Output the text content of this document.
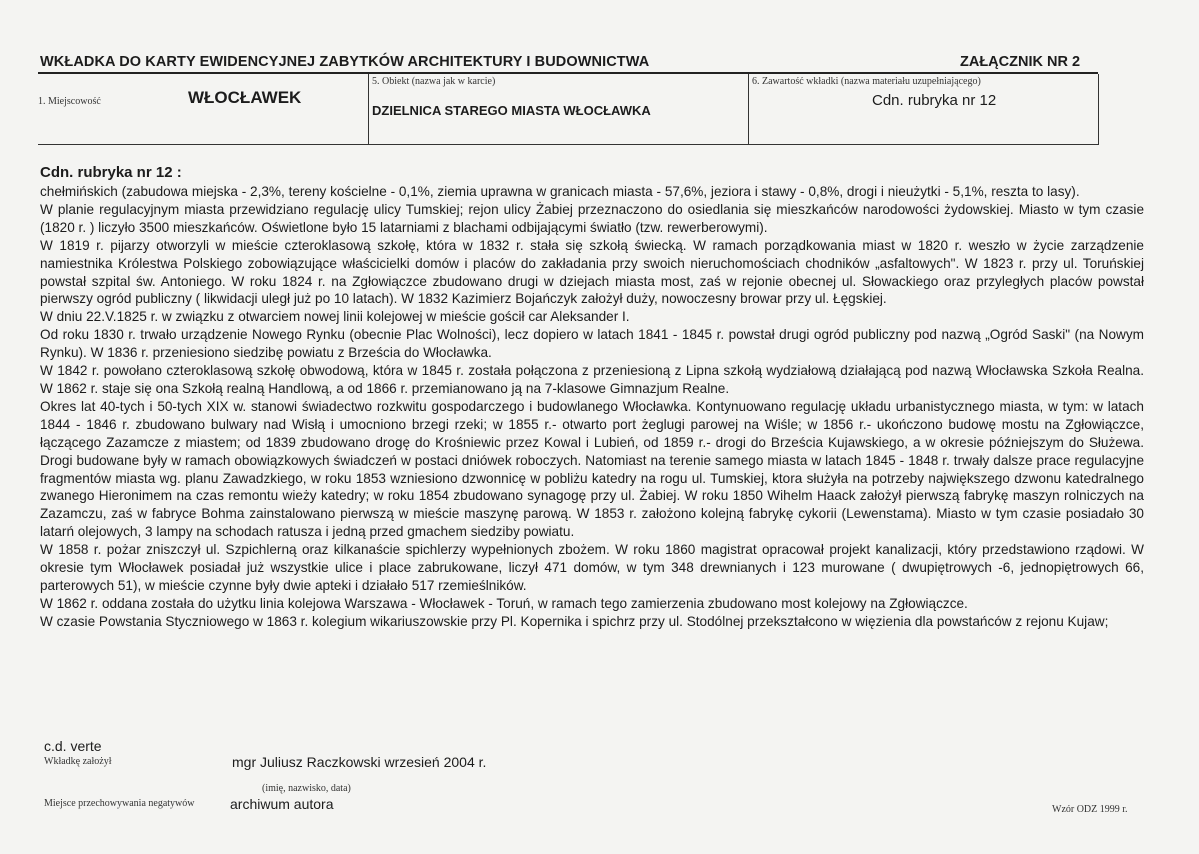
WKŁADKA DO KARTY EWIDENCYJNEJ ZABYTKÓW ARCHITEKTURY I BUDOWNICTWA	ZAŁĄCZNIK NR 2
1. Miejscowość	WŁOCŁAWEK
5. Obiekt (nazwa jak w karcie)
DZIELNICA STAREGO MIASTA WŁOCŁAWKA
6. Zawartość wkładki (nazwa materiału uzupełniającego)
Cdn. rubryka nr 12
Cdn. rubryka nr 12 :

chełmińskich (zabudowa miejska - 2,3%, tereny kościelne - 0,1%, ziemia uprawna w granicach miasta - 57,6%, jeziora i stawy - 0,8%, drogi i nieużytki - 5,1%, reszta to lasy).

W planie regulacyjnym miasta przewidziano regulację ulicy Tumskiej; rejon ulicy Żabiej przeznaczono do osiedlania się mieszkańców narodowości żydowskiej. Miasto w tym czasie (1820 r. ) liczyło 3500 mieszkańców. Oświetlone było 15 latarniami z blachami odbijającymi światło (tzw. rewerberowymi).

W 1819 r. pijarzy otworzyli w mieście czteroklasową szkołę, która w 1832 r. stała się szkołą świecką. W ramach porządkowania miast w 1820 r. weszło w życie zarządzenie namiestnika Królestwa Polskiego zobowiązujące właścicielki domów i placów do zakładania przy swoich nieruchomościach chodników „asfaltowych". W 1823 r. przy ul. Toruńskiej powstał szpital św. Antoniego. W roku 1824 r. na Zgłowiączce zbudowano drugi w dziejach miasta most, zaś w rejonie obecnej ul. Słowackiego oraz przyległych placów powstał pierwszy ogród publiczny ( likwidacji uległ już po 10 latach). W 1832 Kazimierz Bojańczyk założył duży, nowoczesny browar przy ul. Łęgskiej.

W dniu 22.V.1825 r. w związku z otwarciem nowej linii kolejowej w mieście gościł car Aleksander I.

Od roku 1830 r. trwało urządzenie Nowego Rynku (obecnie Plac Wolności), lecz dopiero w latach 1841 - 1845 r. powstał drugi ogród publiczny pod nazwą „Ogród Saski" (na Nowym Rynku). W 1836 r. przeniesiono siedzibę powiatu z Brześcia do Włocławka.

W 1842 r. powołano czteroklasową szkołę obwodową, która w 1845 r. została połączona z przeniesioną z Lipna szkołą wydziałową działającą pod nazwą Włocławska Szkoła Realna. W 1862 r. staje się ona Szkołą realną Handlową, a od 1866 r. przemianowano ją na 7-klasowe Gimnazjum Realne.

Okres lat 40-tych i 50-tych XIX w. stanowi świadectwo rozkwitu gospodarczego i budowlanego Włocławka. Kontynuowano regulację układu urbanistycznego miasta, w tym: w latach 1844 - 1846 r. zbudowano bulwary nad Wisłą i umocniono brzegi rzeki; w 1855 r.- otwarto port żeglugi parowej na Wiśle; w 1856 r.- ukończono budowę mostu na Zgłowiączce, łączącego Zazamcze z miastem; od 1839 zbudowano drogę do Krośniewic przez Kowal i Lubień, od 1859 r.- drogi do Brześcia Kujawskiego, a w okresie późniejszym do Służewa. Drogi budowane były w ramach obowiązkowych świadczeń w postaci dniówek roboczych. Natomiast na terenie samego miasta w latach 1845 - 1848 r. trwały dalsze prace regulacyjne fragmentów miasta wg. planu Zawadzkiego, w roku 1853 wzniesiono dzwonnicę w pobliżu katedry na rogu ul. Tumskiej, ktora służyła na potrzeby największego dzwonu katedralnego zwanego Hieronimem na czas remontu wieży katedry; w roku 1854 zbudowano synagogę przy ul. Żabiej. W roku 1850 Wihelm Haack założył pierwszą fabrykę maszyn rolniczych na Zazamczu, zaś w fabryce Bohma zainstalowano pierwszą w mieście maszynę parową. W 1853 r. założono kolejną fabrykę cykorii (Lewenstama). Miasto w tym czasie posiadało 30 latarń olejowych, 3 lampy na schodach ratusza i jedną przed gmachem siedziby powiatu.

W 1858 r. pożar zniszczył ul. Szpichlerną oraz kilkanaście spichlerzy wypełnionych zbożem. W roku 1860 magistrat opracował projekt kanalizacji, który przedstawiono rządowi. W okresie tym Włocławek posiadał już wszystkie ulice i place zabrukowane, liczył 471 domów, w tym 348 drewnianych i 123 murowane ( dwupiętrowych -6, jednopiętrowych 66, parterowych 51), w mieście czynne były dwie apteki i działało 517 rzemieślników.

W 1862 r. oddana została do użytku linia kolejowa Warszawa - Włocławek - Toruń, w ramach tego zamierzenia zbudowano most kolejowy na Zgłowiączce.

W czasie Powstania Styczniowego w 1863 r. kolegium wikariuszowskie przy Pl. Kopernika i spichrz przy ul. Stodólnej przekształcono w więzienia dla powstańców z rejonu Kujaw;

c.d. verte
Wkładkę założył	mgr Juliusz Raczkowski wrzesień 2004 r.
(imię, nazwisko, data)
Miejsce przechowywania negatywów	archiwum autora	Wzór ODZ 1999 r.
